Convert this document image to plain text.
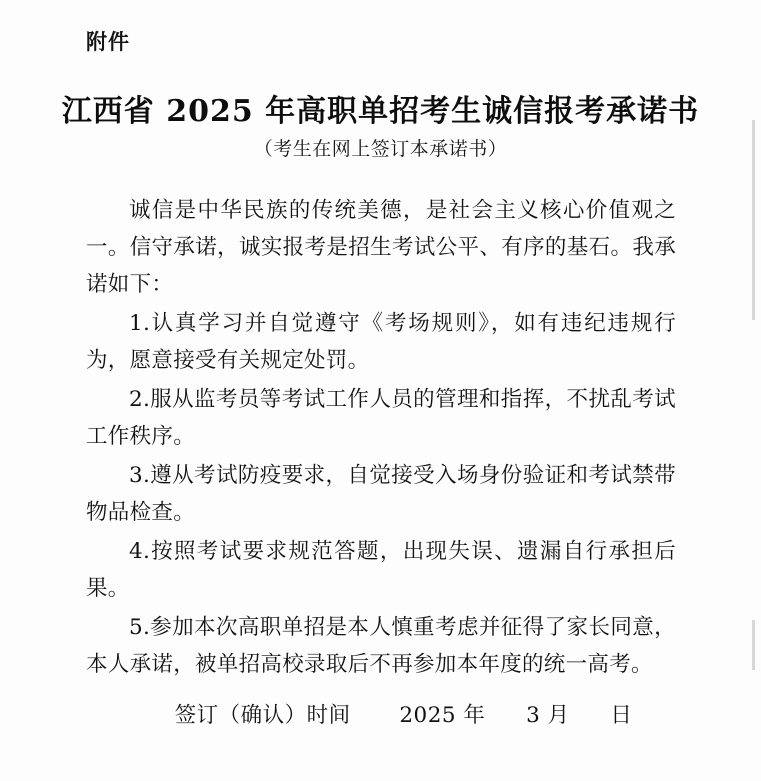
附件
江西省 2025 年高职单招考生诚信报考承诺书
（考生在网上签订本承诺书）

诚信是中华民族的传统美德，是社会主义核心价值观之一。信守承诺，诚实报考是招生考试公平、有序的基石。我承诺如下：

1.认真学习并自觉遵守《考场规则》，如有违纪违规行为，愿意接受有关规定处罚。

2.服从监考员等考试工作人员的管理和指挥，不扰乱考试工作秩序。

3.遵从考试防疫要求，自觉接受入场身份验证和考试禁带物品检查。

4.按照考试要求规范答题，出现失误、遗漏自行承担后果。

5.参加本次高职单招是本人慎重考虑并征得了家长同意，本人承诺，被单招高校录取后不再参加本年度的统一高考。

签订（确认）时间 2025 年 3 月 日
